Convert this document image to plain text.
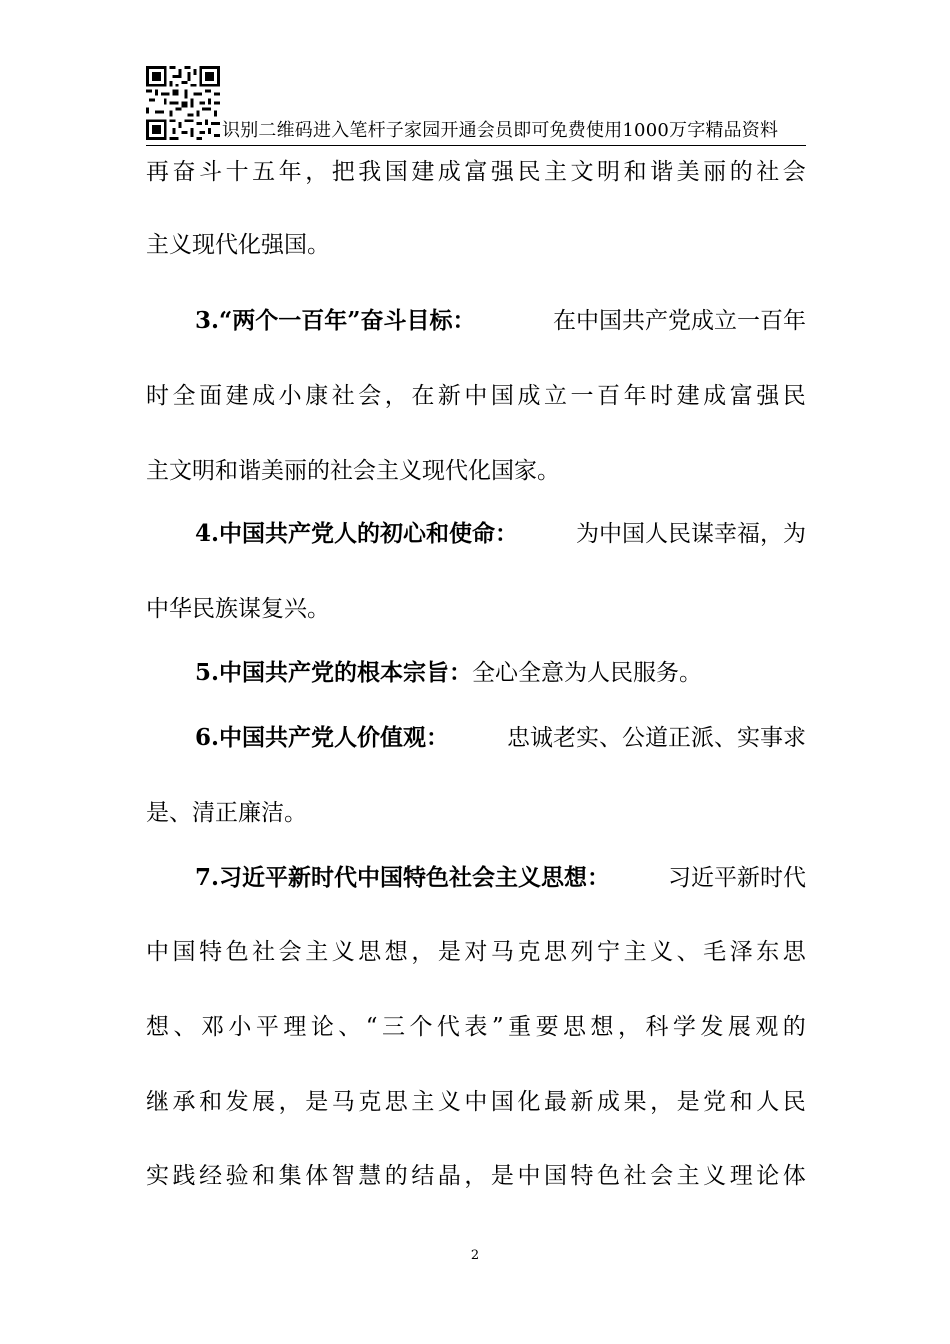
识别二维码进入笔杆子家园开通会员即可免费使用1000万字精品资料
再 奋 斗 十 五 年 ， 把 我 国 建 成 富 强 民 主 文 明 和 谐 美 丽 的 社 会
主义现代化强国。
3.“两个一百年”奋斗目标：	在中国共产党成立一百年
时 全 面 建 成 小 康 社 会 ， 在 新 中 国 成 立 一 百 年 时 建 成 富 强 民
主文明和谐美丽的社会主义现代化国家。
4.中国共产党人的初心和使命：	为中国人民谋幸福，为
中华民族谋复兴。
5.中国共产党的根本宗旨：全心全意为人民服务。
6.中国共产党人价值观：	忠诚老实、公道正派、实事求
是、清正廉洁。
7.习近平新时代中国特色社会主义思想：	习近平新时代
中 国 特 色 社 会 主 义 思 想 ， 是 对 马 克 思 列 宁 主 义 、 毛 泽 东 思
想 、 邓 小 平 理 论 、 “ 三 个 代 表 ” 重 要 思 想 ， 科 学 发 展 观 的
继 承 和 发 展 ， 是 马 克 思 主 义 中 国 化 最 新 成 果 ， 是 党 和 人 民
实 践 经 验 和 集 体 智 慧 的 结 晶 ， 是 中 国 特 色 社 会 主 义 理 论 体
2
